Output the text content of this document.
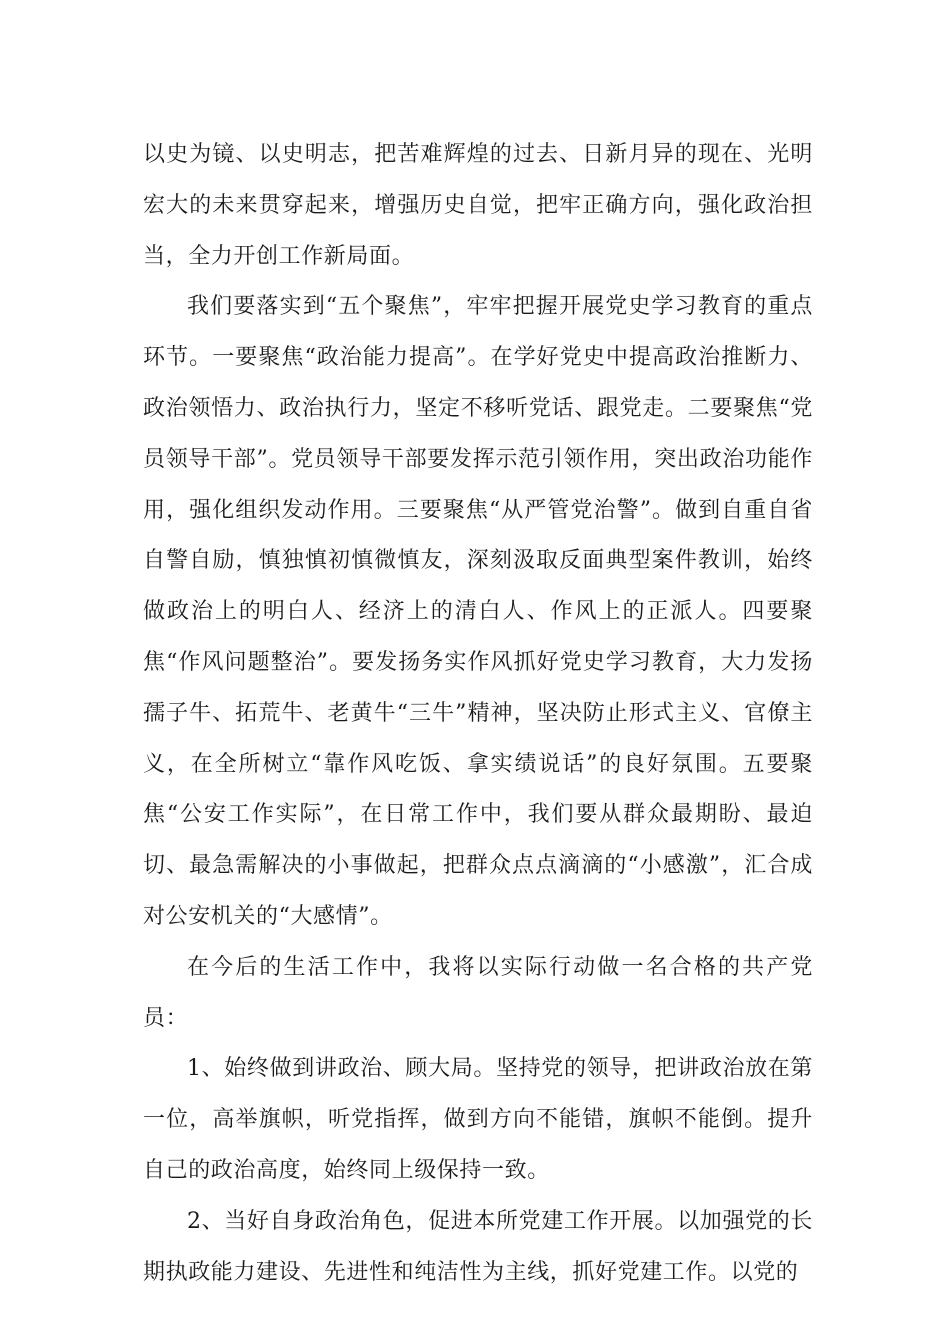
以史为镜、以史明志，把苦难辉煌的过去、日新月异的现在、光明宏大的未来贯穿起来，增强历史自觉，把牢正确方向，强化政治担当，全力开创工作新局面。

我们要落实到“五个聚焦”，牢牢把握开展党史学习教育的重点环节。一要聚焦“政治能力提高”。在学好党史中提高政治推断力、政治领悟力、政治执行力，坚定不移听党话、跟党走。二要聚焦“党员领导干部”。党员领导干部要发挥示范引领作用，突出政治功能作用，强化组织发动作用。三要聚焦“从严管党治警”。做到自重自省自警自励，慎独慎初慎微慎友，深刻汲取反面典型案件教训，始终做政治上的明白人、经济上的清白人、作风上的正派人。四要聚焦“作风问题整治”。要发扬务实作风抓好党史学习教育，大力发扬孺子牛、拓荒牛、老黄牛“三牛”精神，坚决防止形式主义、官僚主义，在全所树立“靠作风吃饭、拿实绩说话”的良好氛围。五要聚焦“公安工作实际”，在日常工作中，我们要从群众最期盼、最迫切、最急需解决的小事做起，把群众点点滴滴的“小感激”，汇合成对公安机关的“大感情”。

在今后的生活工作中，我将以实际行动做一名合格的共产党员：

1、始终做到讲政治、顾大局。坚持党的领导，把讲政治放在第一位，高举旗帜，听党指挥，做到方向不能错，旗帜不能倒。提升自己的政治高度，始终同上级保持一致。

2、当好自身政治角色，促进本所党建工作开展。以加强党的长期执政能力建设、先进性和纯洁性为主线，抓好党建工作。以党的
